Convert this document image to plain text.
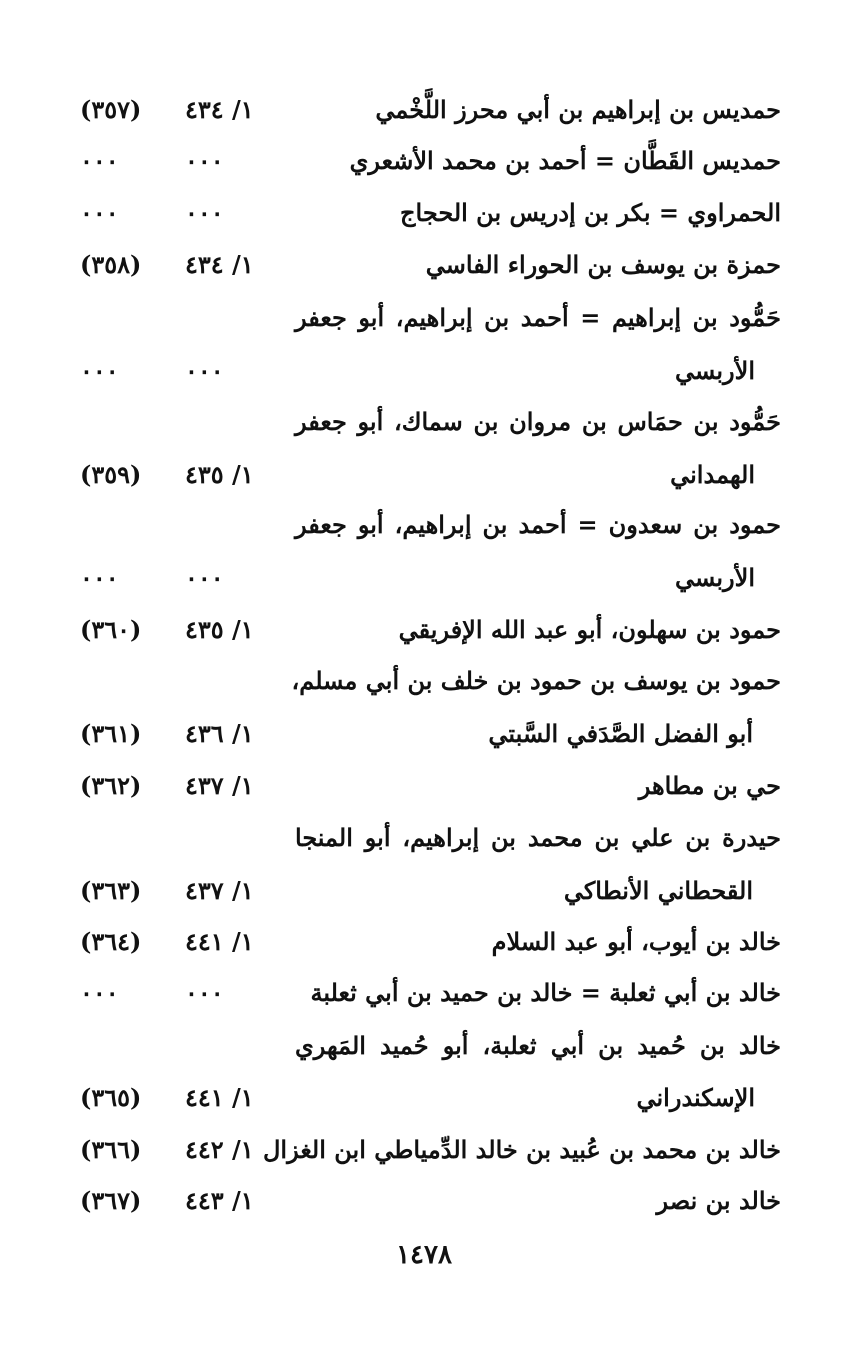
حمديس بن إبراهيم بن أبي محرز اللَّخْمي
١/ ٤٣٤
(٣٥٧)
حمديس القَطَّان = أحمد بن محمد الأشعري
٠٠٠
٠٠٠
الحمراوي = بكر بن إدريس بن الحجاج
٠٠٠
٠٠٠
حمزة بن يوسف بن الحوراء الفاسي
١/ ٤٣٤
(٣٥٨)
حَمُّود بن إبراهيم = أحمد بن إبراهيم، أبو جعفر
الأربسي
٠٠٠
٠٠٠
حَمُّود بن حمَاس بن مروان بن سماك، أبو جعفر
الهمداني
١/ ٤٣٥
(٣٥٩)
حمود بن سعدون = أحمد بن إبراهيم، أبو جعفر
الأربسي
٠٠٠
٠٠٠
حمود بن سهلون، أبو عبد الله الإفريقي
١/ ٤٣٥
(٣٦٠)
حمود بن يوسف بن حمود بن خلف بن أبي مسلم،
أبو الفضل الصَّدَفي السَّبتي
١/ ٤٣٦
(٣٦١)
حي بن مطاهر
١/ ٤٣٧
(٣٦٢)
حيدرة بن علي بن محمد بن إبراهيم، أبو المنجا
القحطاني الأنطاكي
١/ ٤٣٧
(٣٦٣)
خالد بن أيوب، أبو عبد السلام
١/ ٤٤١
(٣٦٤)
خالد بن أبي ثعلبة = خالد بن حميد بن أبي ثعلبة
٠٠٠
٠٠٠
خالد بن حُميد بن أبي ثعلبة، أبو حُميد المَهري
الإسكندراني
١/ ٤٤١
(٣٦٥)
خالد بن محمد بن عُبيد بن خالد الدِّمياطي ابن الغزال
١/ ٤٤٢
(٣٦٦)
خالد بن نصر
١/ ٤٤٣
(٣٦٧)
١٤٧٨
